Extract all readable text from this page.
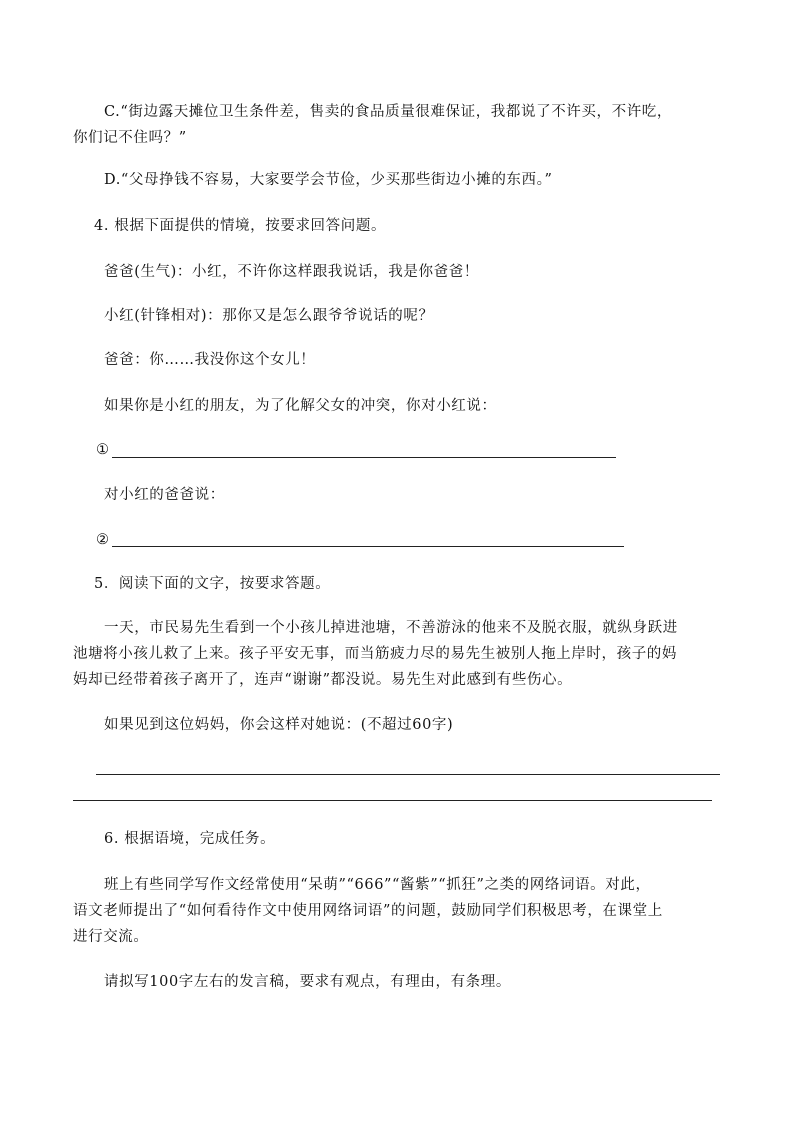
C.“街边露天摊位卫生条件差，售卖的食品质量很难保证，我都说了不许买，不许吃，
你们记不住吗？”
D.“父母挣钱不容易，大家要学会节俭，少买那些街边小摊的东西。”
4. 根据下面提供的情境，按要求回答问题。
爸爸(生气)：小红，不许你这样跟我说话，我是你爸爸！
小红(针锋相对)：那你又是怎么跟爷爷说话的呢？
爸爸：你……我没你这个女儿！
如果你是小红的朋友，为了化解父女的冲突，你对小红说：
①
对小红的爸爸说：
②
5．阅读下面的文字，按要求答题。
一天，市民易先生看到一个小孩儿掉进池塘，不善游泳的他来不及脱衣服，就纵身跃进
池塘将小孩儿救了上来。孩子平安无事，而当筋疲力尽的易先生被别人拖上岸时，孩子的妈
妈却已经带着孩子离开了，连声“谢谢”都没说。易先生对此感到有些伤心。
如果见到这位妈妈，你会这样对她说：(不超过60字)
6. 根据语境，完成任务。
班上有些同学写作文经常使用“呆萌”“666”“酱紫”“抓狂”之类的网络词语。对此，
语文老师提出了“如何看待作文中使用网络词语”的问题，鼓励同学们积极思考，在课堂上
进行交流。
请拟写100字左右的发言稿，要求有观点，有理由，有条理。
